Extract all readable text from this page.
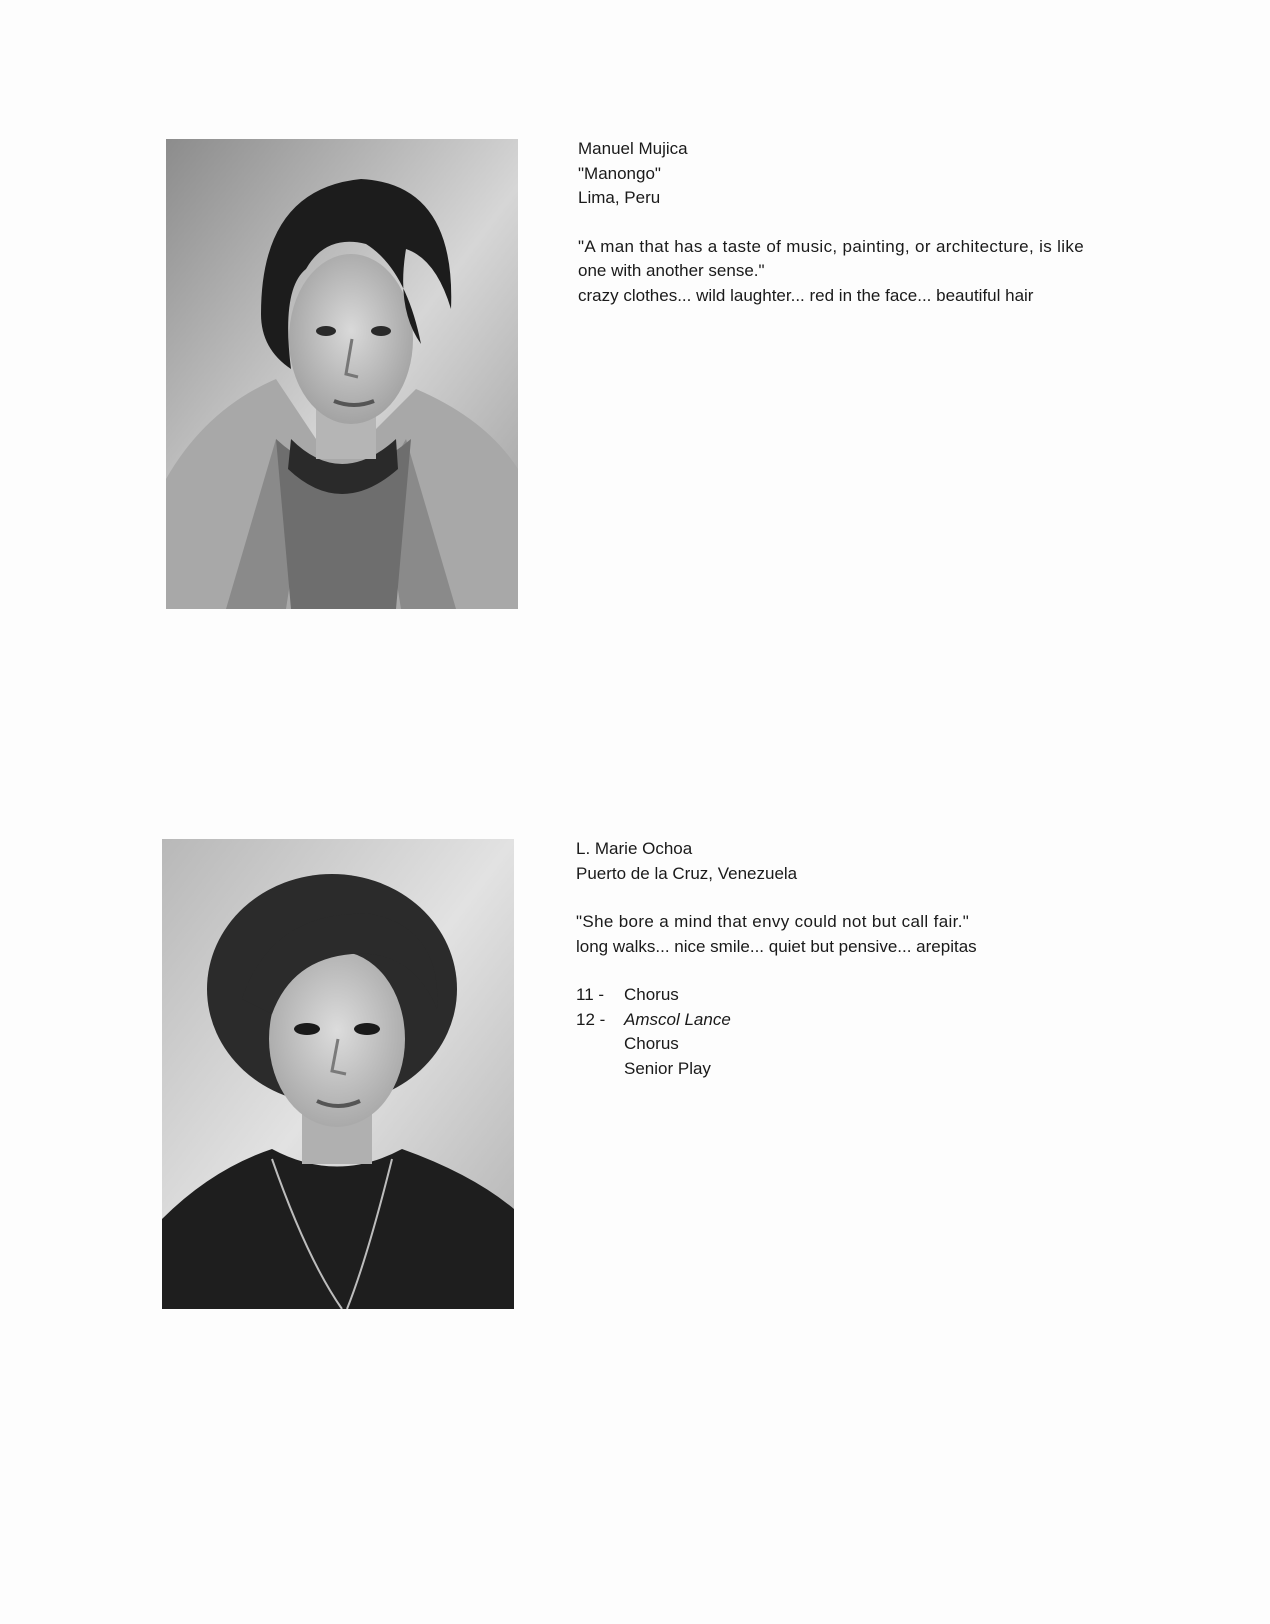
Manuel Mujica
"Manongo"
Lima, Peru
"A man that has a taste of music, painting, or architecture, is like
one with another sense."
crazy clothes... wild laughter... red in the face... beautiful hair
L. Marie Ochoa
Puerto de la Cruz, Venezuela
"She bore a mind that envy could not but call fair."
long walks... nice smile... quiet but pensive... arepitas
11 -	Chorus
12 -	Amscol Lance
Chorus
Senior Play
